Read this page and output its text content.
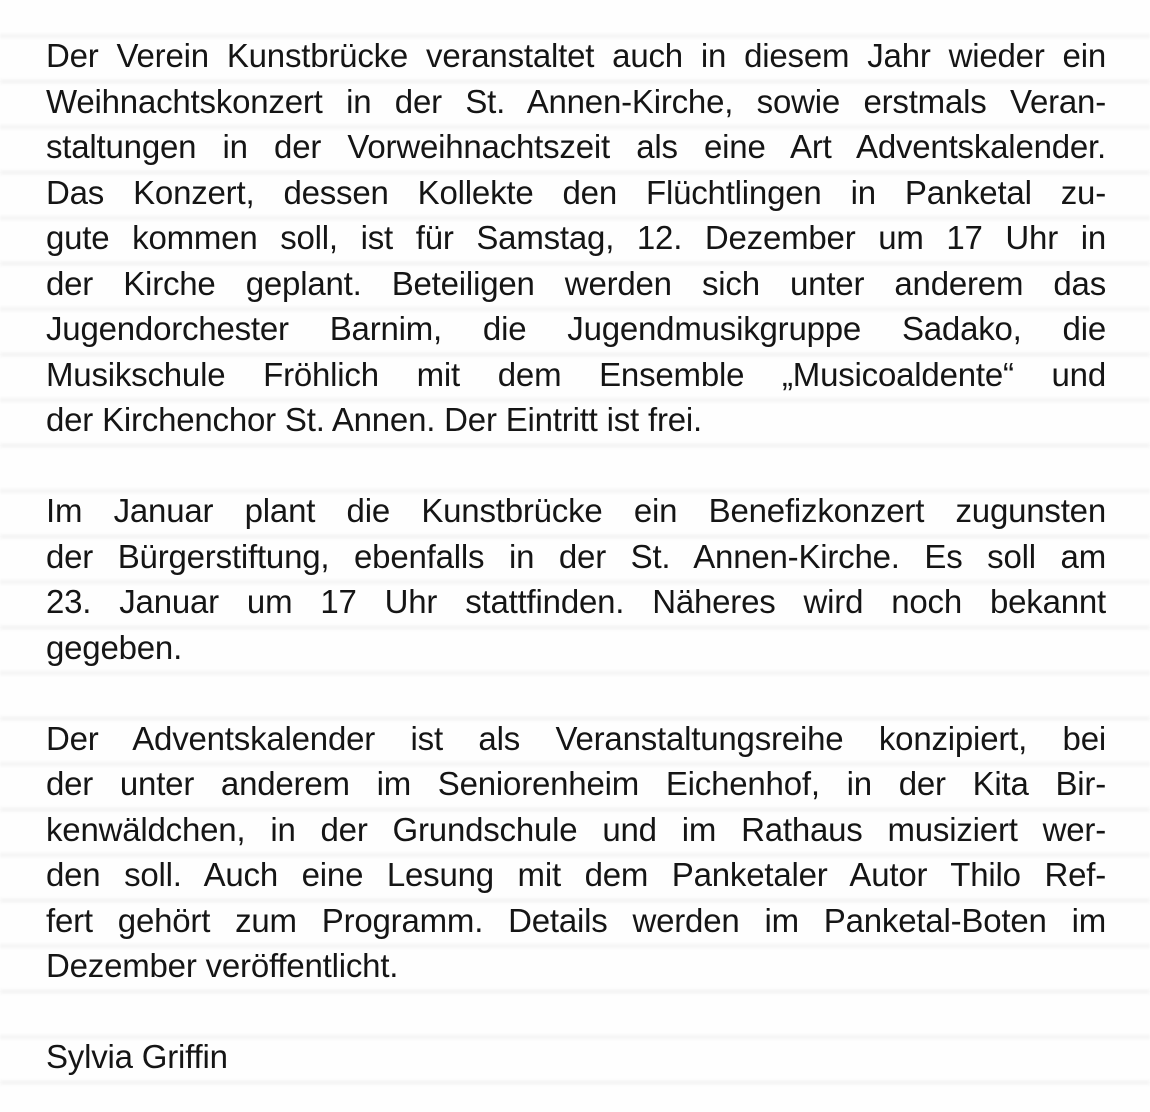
Der Verein Kunstbrücke veranstaltet auch in diesem Jahr wieder ein
Weihnachtskonzert in der St. Annen-Kirche, sowie erstmals Veran-
staltungen in der Vorweihnachtszeit als eine Art Adventskalender.
Das Konzert, dessen Kollekte den Flüchtlingen in Panketal zu-
gute kommen soll, ist für Samstag, 12. Dezember um 17 Uhr in
der Kirche geplant. Beteiligen werden sich unter anderem das
Jugendorchester Barnim, die Jugendmusikgruppe Sadako, die
Musikschule Fröhlich mit dem Ensemble „Musicoaldente“ und
der Kirchenchor St. Annen. Der Eintritt ist frei.

Im Januar plant die Kunstbrücke ein Benefizkonzert zugunsten
der Bürgerstiftung, ebenfalls in der St. Annen-Kirche. Es soll am
23. Januar um 17 Uhr stattfinden. Näheres wird noch bekannt
gegeben.

Der Adventskalender ist als Veranstaltungsreihe konzipiert, bei
der unter anderem im Seniorenheim Eichenhof, in der Kita Bir-
kenwäldchen, in der Grundschule und im Rathaus musiziert wer-
den soll. Auch eine Lesung mit dem Panketaler Autor Thilo Ref-
fert gehört zum Programm. Details werden im Panketal-Boten im
Dezember veröffentlicht.

Sylvia Griffin
